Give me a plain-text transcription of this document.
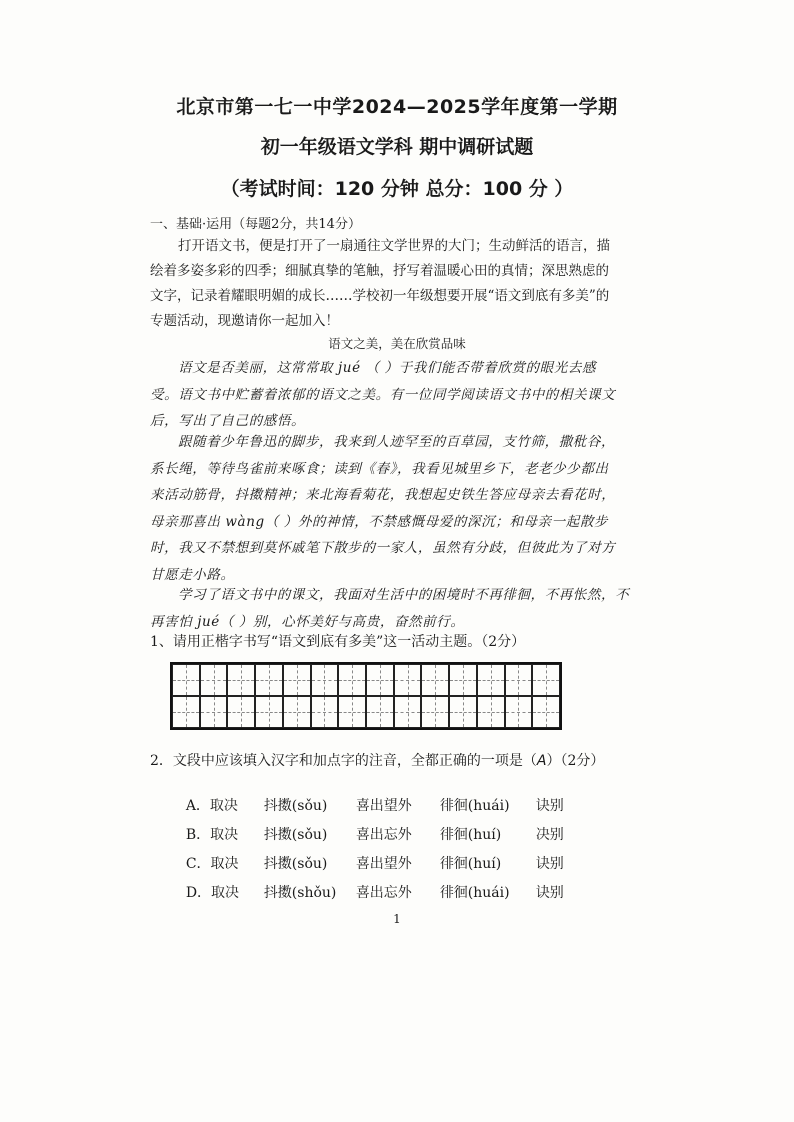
北京市第一七一中学2024—2025学年度第一学期
初一年级语文学科 期中调研试题
（考试时间：120 分钟 总分：100 分 ）
一、基础·运用（每题2分，共14分）

打开语文书，便是打开了一扇通往文学世界的大门；生动鲜活的语言，描绘着多姿多彩的四季；细腻真挚的笔触，抒写着温暖心田的真情；深思熟虑的文字，记录着耀眼明媚的成长……学校初一年级想要开展“语文到底有多美”的专题活动，现邀请你一起加入！

语文之美，美在欣赏品味

语文是否美丽，这常常取 jué （ ）于我们能否带着欣赏的眼光去感受。语文书中贮蓄着浓郁的语文之美。有一位同学阅读语文书中的相关课文后，写出了自己的感悟。

跟随着少年鲁迅的脚步，我来到人迹罕至的百草园，支竹筛，撒秕谷，系长绳，等待鸟雀前来啄食；读到《春》，我看见城里乡下，老老少少都出来活动筋骨，抖擞精神；来北海看菊花，我想起史铁生答应母亲去看花时，母亲那喜出 wàng（ ）外的神情，不禁感慨母爱的深沉；和母亲一起散步时，我又不禁想到莫怀戚笔下散步的一家人，虽然有分歧，但彼此为了对方甘愿走小路。

学习了语文书中的课文，我面对生活中的困境时不再徘徊，不再怅然，不再害怕 jué（ ）别，心怀美好与高贵，奋然前行。

1、请用正楷字书写“语文到底有多美”这一活动主题。（2分）
2．文段中应该填入汉字和加点字的注音，全都正确的一项是（A）（2分）

A．取决 抖擞(sǒu) 喜出望外 徘徊(huái) 诀别

B．取决 抖擞(sǒu) 喜出忘外 徘徊(huí) 决别

C．取决 抖擞(sǒu) 喜出望外 徘徊(huí) 诀别

D．取决 抖擞(shǒu) 喜出忘外 徘徊(huái) 诀别

1
